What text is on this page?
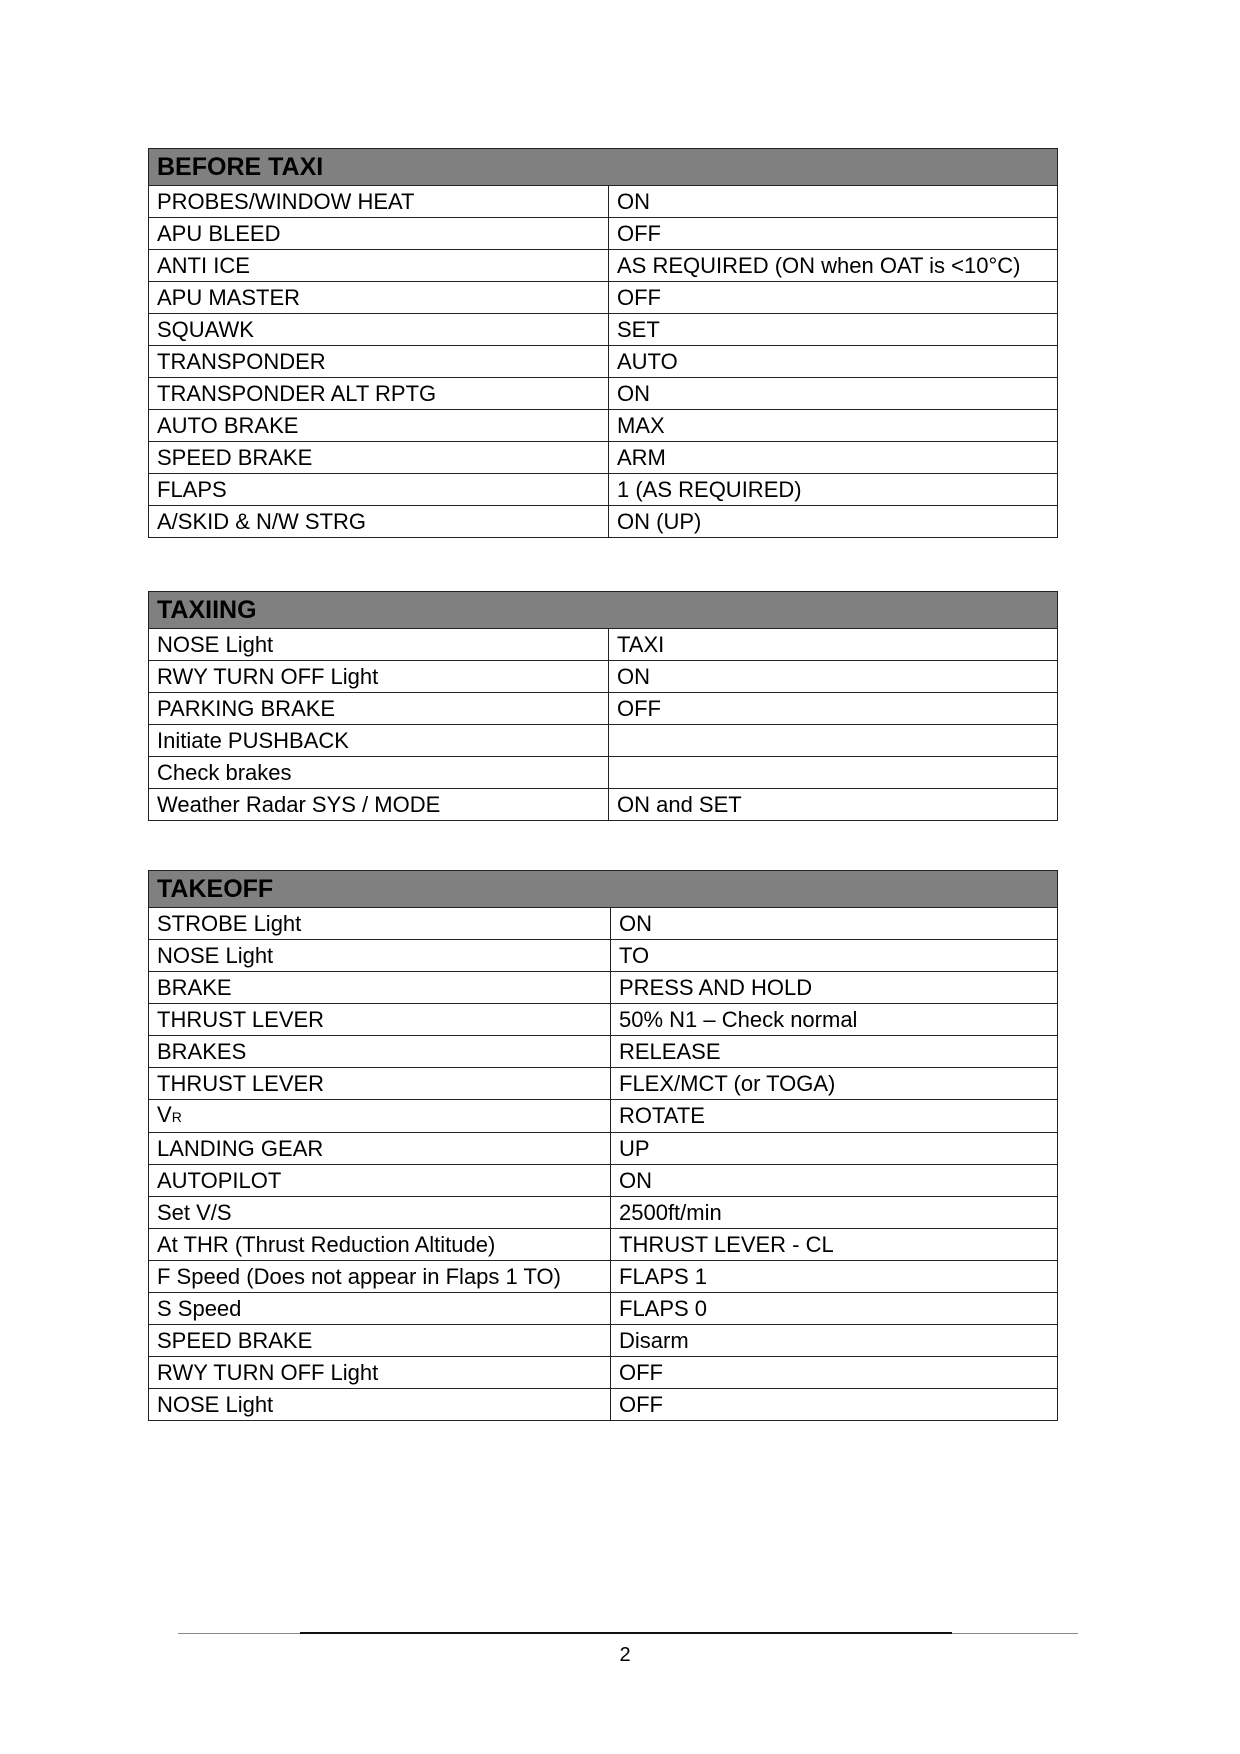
BEFORE TAXI	
PROBES/WINDOW HEAT	ON
APU BLEED	OFF
ANTI ICE	AS REQUIRED (ON when OAT is <10°C)
APU MASTER	OFF
SQUAWK	SET
TRANSPONDER	AUTO
TRANSPONDER ALT RPTG	ON
AUTO BRAKE	MAX
SPEED BRAKE	ARM
FLAPS	1 (AS REQUIRED)
A/SKID & N/W STRG	ON (UP)
TAXIING	
NOSE Light	TAXI
RWY TURN OFF Light	ON
PARKING BRAKE	OFF
Initiate PUSHBACK	
Check brakes	
Weather Radar SYS / MODE	ON and SET
TAKEOFF	
STROBE Light	ON
NOSE Light	TO
BRAKE	PRESS AND HOLD
THRUST LEVER	50% N1 – Check normal
BRAKES	RELEASE
THRUST LEVER	FLEX/MCT (or TOGA)
VR	ROTATE
LANDING GEAR	UP
AUTOPILOT	ON
Set V/S	2500ft/min
At THR (Thrust Reduction Altitude)	THRUST LEVER - CL
F Speed (Does not appear in Flaps 1 TO)	FLAPS 1
S Speed	FLAPS 0
SPEED BRAKE	Disarm
RWY TURN OFF Light	OFF
NOSE Light	OFF
2
